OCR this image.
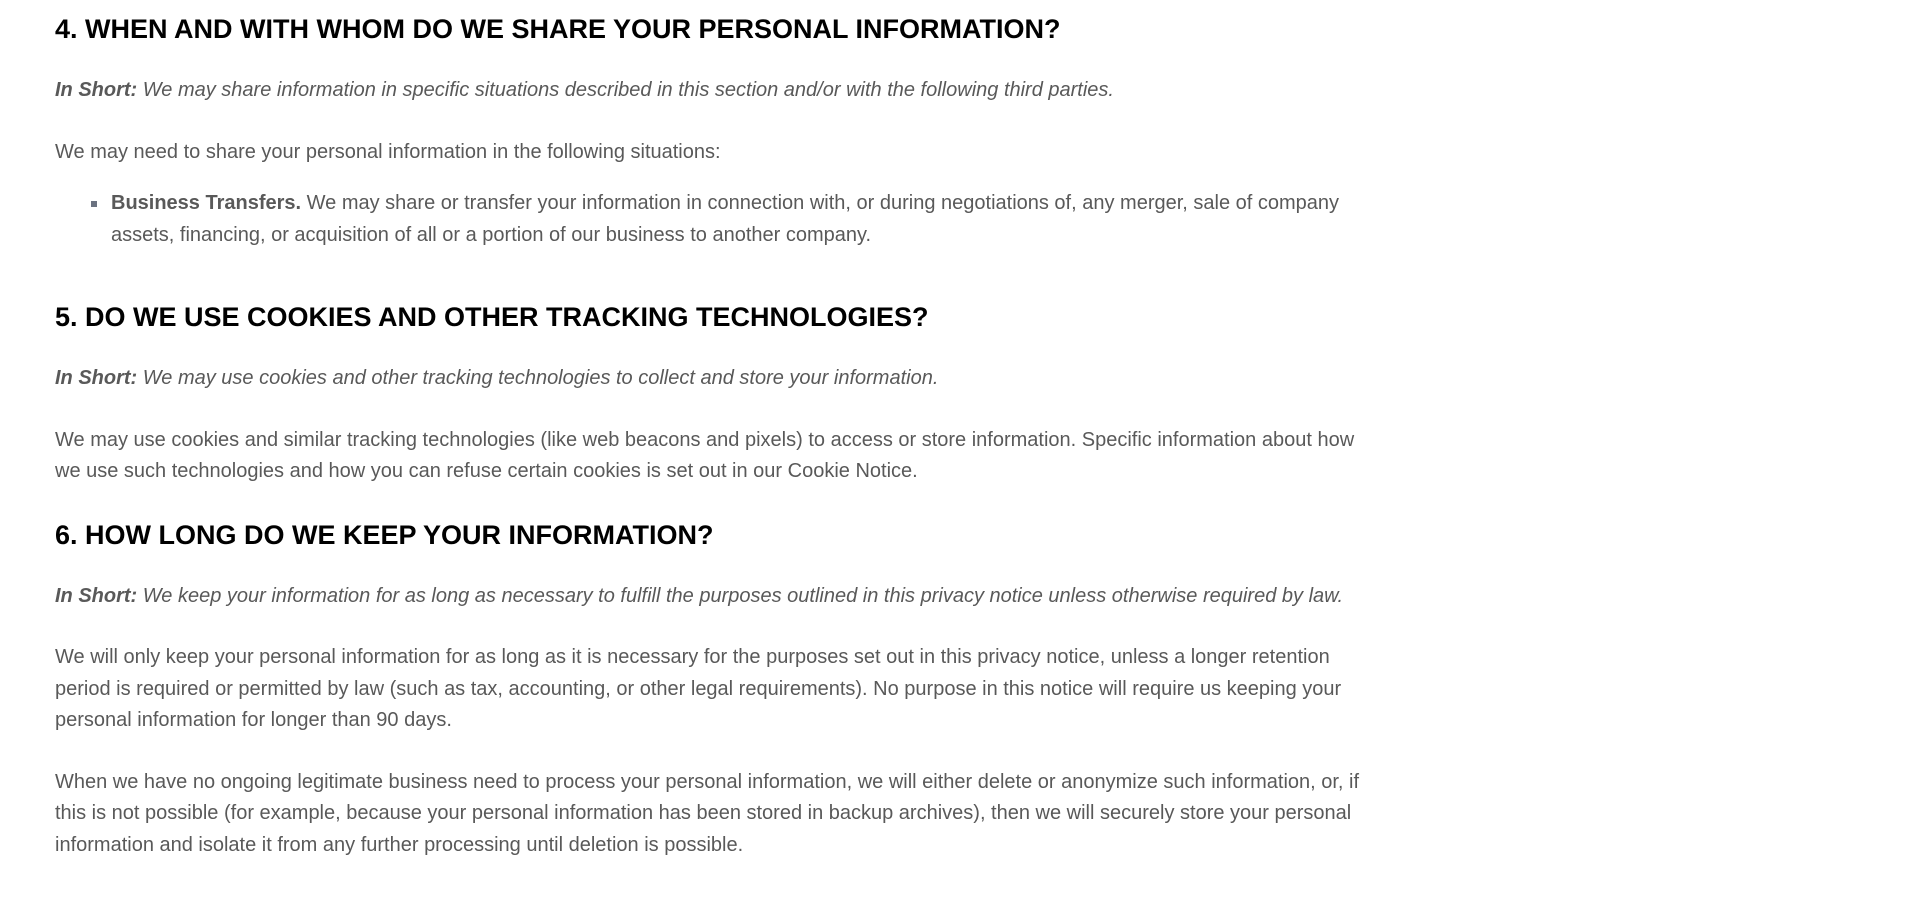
4. WHEN AND WITH WHOM DO WE SHARE YOUR PERSONAL INFORMATION?

In Short: We may share information in specific situations described in this section and/or with the following third parties.

We may need to share your personal information in the following situations:

Business Transfers. We may share or transfer your information in connection with, or during negotiations of, any merger, sale of company assets, financing, or acquisition of all or a portion of our business to another company.
5. DO WE USE COOKIES AND OTHER TRACKING TECHNOLOGIES?

In Short: We may use cookies and other tracking technologies to collect and store your information.

We may use cookies and similar tracking technologies (like web beacons and pixels) to access or store information. Specific information about how we use such technologies and how you can refuse certain cookies is set out in our Cookie Notice.

6. HOW LONG DO WE KEEP YOUR INFORMATION?

In Short: We keep your information for as long as necessary to fulfill the purposes outlined in this privacy notice unless otherwise required by law.

We will only keep your personal information for as long as it is necessary for the purposes set out in this privacy notice, unless a longer retention period is required or permitted by law (such as tax, accounting, or other legal requirements). No purpose in this notice will require us keeping your personal information for longer than 90 days.

When we have no ongoing legitimate business need to process your personal information, we will either delete or anonymize such information, or, if this is not possible (for example, because your personal information has been stored in backup archives), then we will securely store your personal information and isolate it from any further processing until deletion is possible.
